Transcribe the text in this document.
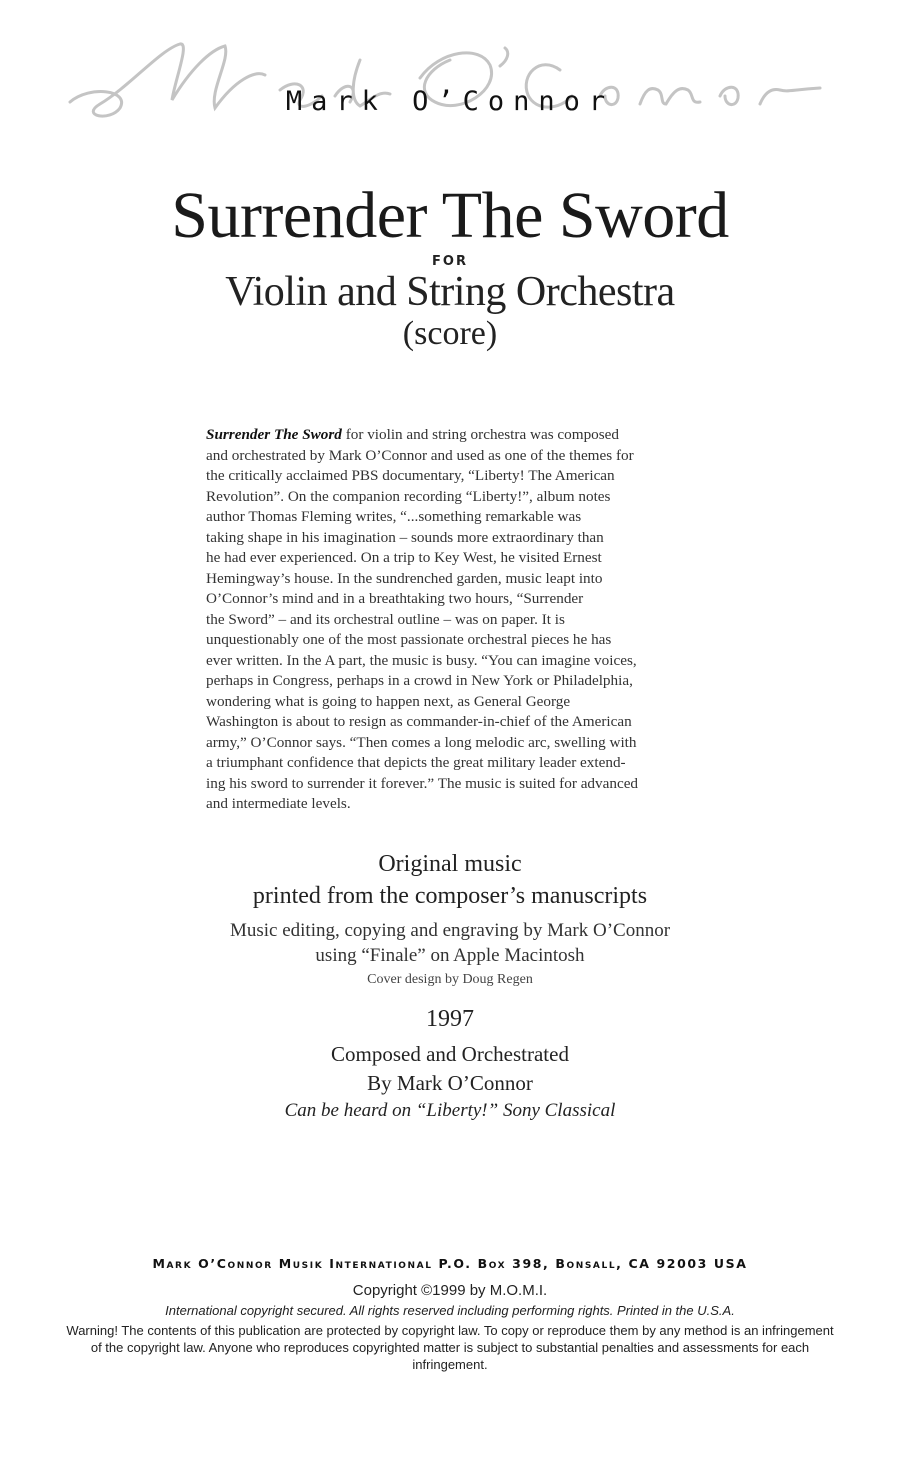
Mark O’Connor
Surrender The Sword
FOR
Violin and String Orchestra
(score)

Surrender The Sword for violin and string orchestra was composed
and orchestrated by Mark O’Connor and used as one of the themes for
the critically acclaimed PBS documentary, “Liberty! The American
Revolution”. On the companion recording “Liberty!”, album notes
author Thomas Fleming writes, “...something remarkable was
taking shape in his imagination – sounds more extraordinary than
he had ever experienced. On a trip to Key West, he visited Ernest
Hemingway’s house. In the sundrenched garden, music leapt into
O’Connor’s mind and in a breathtaking two hours, “Surrender
the Sword” – and its orchestral outline – was on paper. It is
unquestionably one of the most passionate orchestral pieces he has
ever written. In the A part, the music is busy. “You can imagine voices,
perhaps in Congress, perhaps in a crowd in New York or Philadelphia,
wondering what is going to happen next, as General George
Washington is about to resign as commander-in-chief of the American
army,” O’Connor says. “Then comes a long melodic arc, swelling with
a triumphant confidence that depicts the great military leader extend-
ing his sword to surrender it forever.” The music is suited for advanced
and intermediate levels.

Original music
printed from the composer’s manuscripts
Music editing, copying and engraving by Mark O’Connor
using “Finale” on Apple Macintosh
Cover design by Doug Regen
1997
Composed and Orchestrated
By Mark O’Connor
Can be heard on “Liberty!” Sony Classical
Mark O’Connor Musik International P.O. Box 398, Bonsall, CA 92003 USA
Copyright ©1999 by M.O.M.I.
International copyright secured. All rights reserved including performing rights. Printed in the U.S.A.
Warning! The contents of this publication are protected by copyright law. To copy or reproduce them by any method is an infringement of the copyright law. Anyone who reproduces copyrighted matter is subject to substantial penalties and assessments for each infringement.
